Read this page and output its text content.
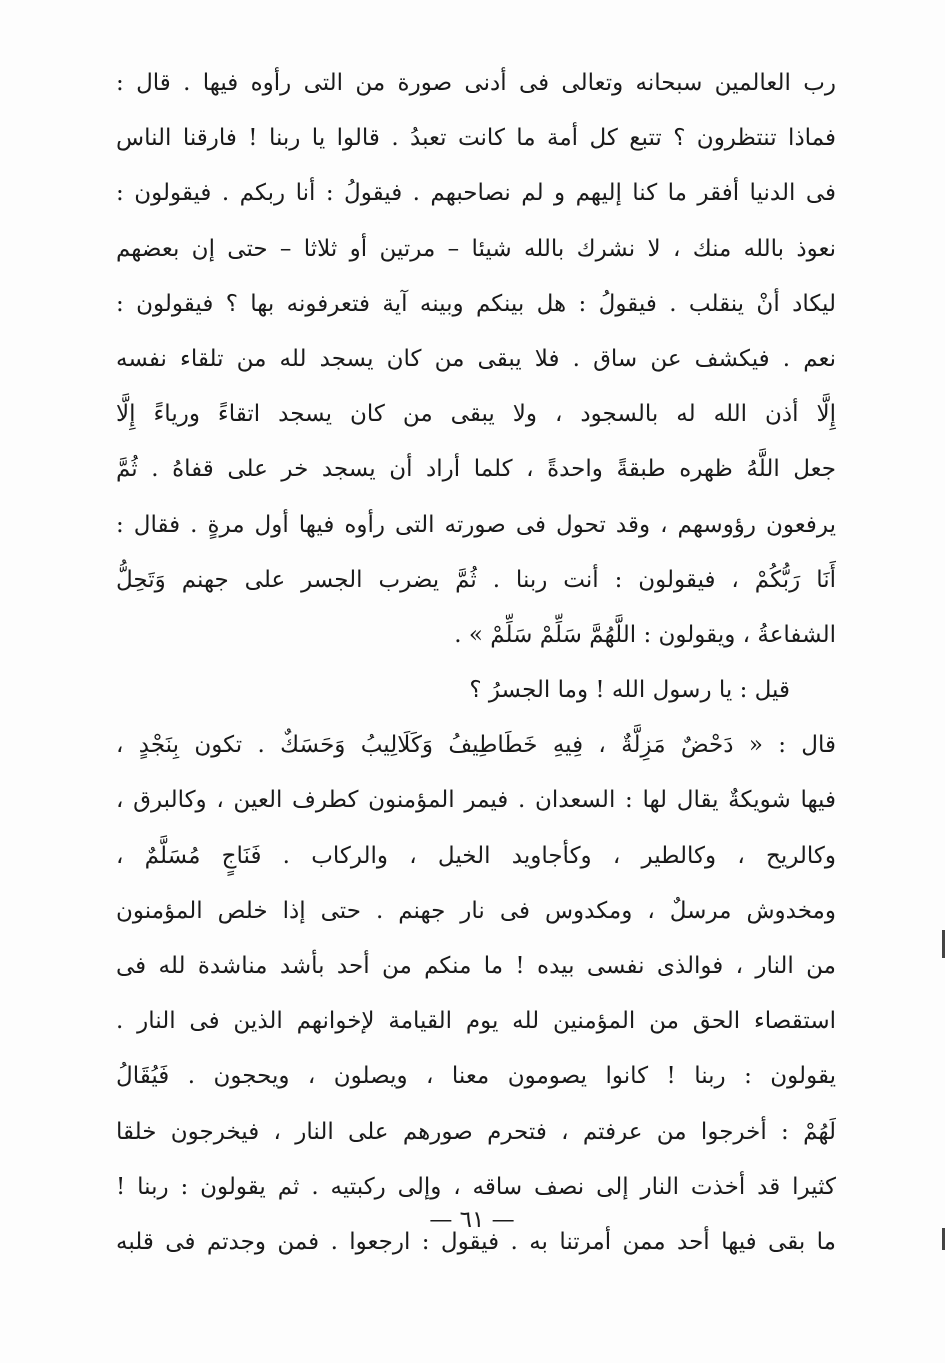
رب العالمين سبحانه وتعالى فى أدنى صورة من التى رأوه فيها . قال :
فماذا تنتظرون ؟ تتبع كل أمة ما كانت تعبدُ . قالوا يا ربنا ! فارقنا الناس
فى الدنيا أفقر ما كنا إليهم و لم نصاحبهم . فيقولُ : أنا ربكم . فيقولون :
نعوذ بالله منك ، لا نشرك بالله شيئا – مرتين أو ثلاثا – حتى إن بعضهم
ليكاد أنْ ينقلب . فيقولُ : هل بينكم وبينه آية فتعرفونه بها ؟ فيقولون :
نعم . فيكشف عن ساق . فلا يبقى من كان يسجد لله من تلقاء نفسه
إِلَّا أذن الله له بالسجود ، ولا يبقى من كان يسجد اتقاءً ورياءً إِلَّا
جعل اللَّهُ ظهره طبقةً واحدةً ، كلما أراد أن يسجد خر على قفاهُ . ثُمَّ
يرفعون رؤوسهم ، وقد تحول فى صورته التى رأوه فيها أول مرةٍ . فقال :
أَنَا رَبُّكُمْ ، فيقولون : أنت ربنا . ثُمَّ يضرب الجسر على جهنم وَتَحِلُّ
الشفاعةُ ، ويقولون : اللَّهُمَّ سَلِّمْ سَلِّمْ » .
قيل : يا رسول الله ! وما الجسرُ ؟
قال : « دَحْضٌ مَزِلَّةٌ ، فِيهِ خَطَاطِيفُ وَكَلَالِيبُ وَحَسَكٌ . تكون بِنَجْدٍ ،
فيها شويكةٌ يقال لها : السعدان . فيمر المؤمنون كطرف العين ، وكالبرق ،
وكالريح ، وكالطير ، وكأجاويد الخيل ، والركاب . فَنَاجٍ مُسَلَّمٌ ،
ومخدوش مرسلٌ ، ومكدوس فى نار جهنم . حتى إذا خلص المؤمنون
من النار ، فوالذى نفسى بيده ! ما منكم من أحد بأشد مناشدة لله فى
استقصاء الحق من المؤمنين لله يوم القيامة لإخوانهم الذين فى النار .
يقولون : ربنا ! كانوا يصومون معنا ، ويصلون ، ويحجون . فَيُقَالُ
لَهُمْ : أخرجوا من عرفتم ، فتحرم صورهم على النار ، فيخرجون خلقا
كثيرا قد أخذت النار إلى نصف ساقه ، وإلى ركبتيه . ثم يقولون : ربنا !
ما بقى فيها أحد ممن أمرتنا به . فيقول : ارجعوا . فمن وجدتم فى قلبه
— ٦١ —
